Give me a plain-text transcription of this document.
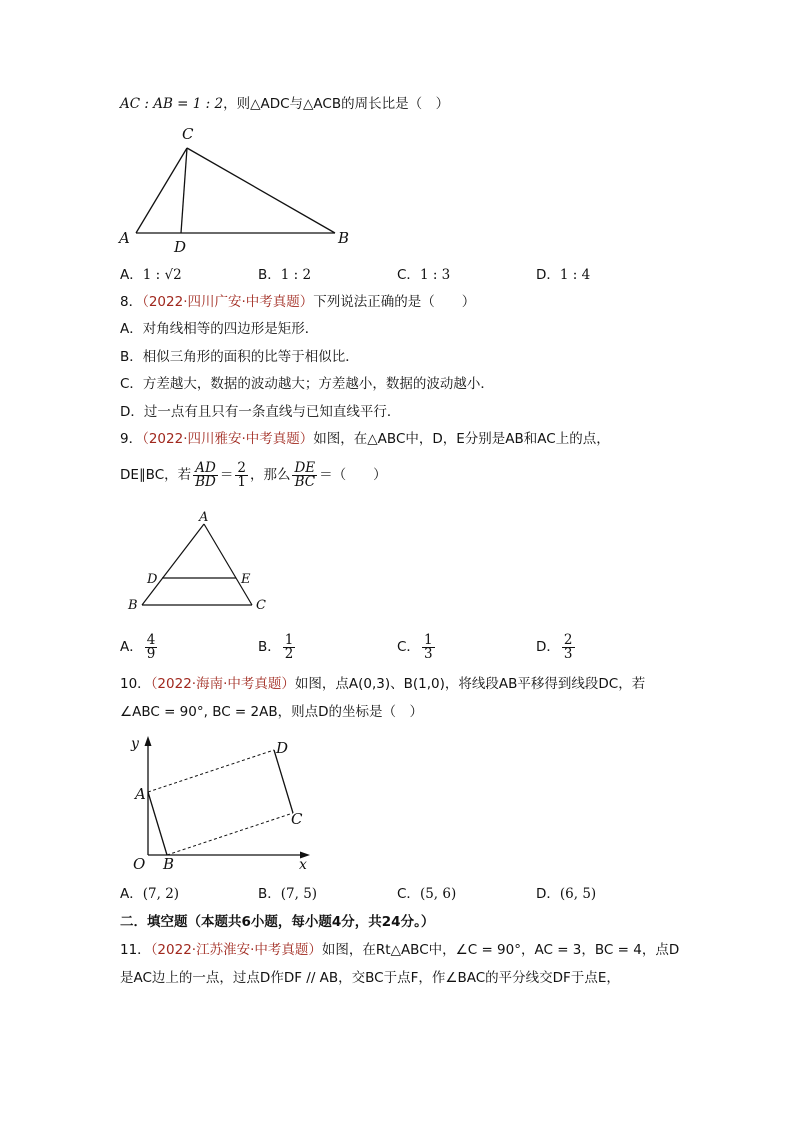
AC : AB = 1 : 2，则△ADC与△ACB的周长比是（　）
C
A	D	B
A
D	E
B	C
y
x
O
A
B
C
D
A．1 : √2	B．1 : 2	C．1 : 3	D．1 : 4
8．（2022·四川广安·中考真题）下列说法正确的是（　　）
A．对角线相等的四边形是矩形．
B．相似三角形的面积的比等于相似比．
C．方差越大，数据的波动越大；方差越小，数据的波动越小．
D．过一点有且只有一条直线与已知直线平行．
9．（2022·四川雅安·中考真题）如图，在△ABC中，D，E分别是AB和AC上的点，
DE∥BC，若 $\frac{AD}{BD} = \frac{2}{1}$ ，那么 $\frac{DE}{BC}$ ＝（　　）
A． $\frac{4}{9}$	B． $\frac{1}{2}$	C． $\frac{1}{3}$	D． $\frac{2}{3}$
10．（2022·海南·中考真题）如图，点A(0,3)、B(1,0)，将线段AB平移得到线段DC，若
∠ABC = 90°, BC = 2AB，则点D的坐标是（　）
A．(7, 2)	B．(7, 5)	C．(5, 6)	D．(6, 5)
二．填空题（本题共6小题，每小题4分，共24分。）
11．（2022·江苏淮安·中考真题）如图，在Rt△ABC中，∠C = 90°，AC = 3，BC = 4，点D
是AC边上的一点，过点D作DF // AB，交BC于点F，作∠BAC的平分线交DF于点E，
